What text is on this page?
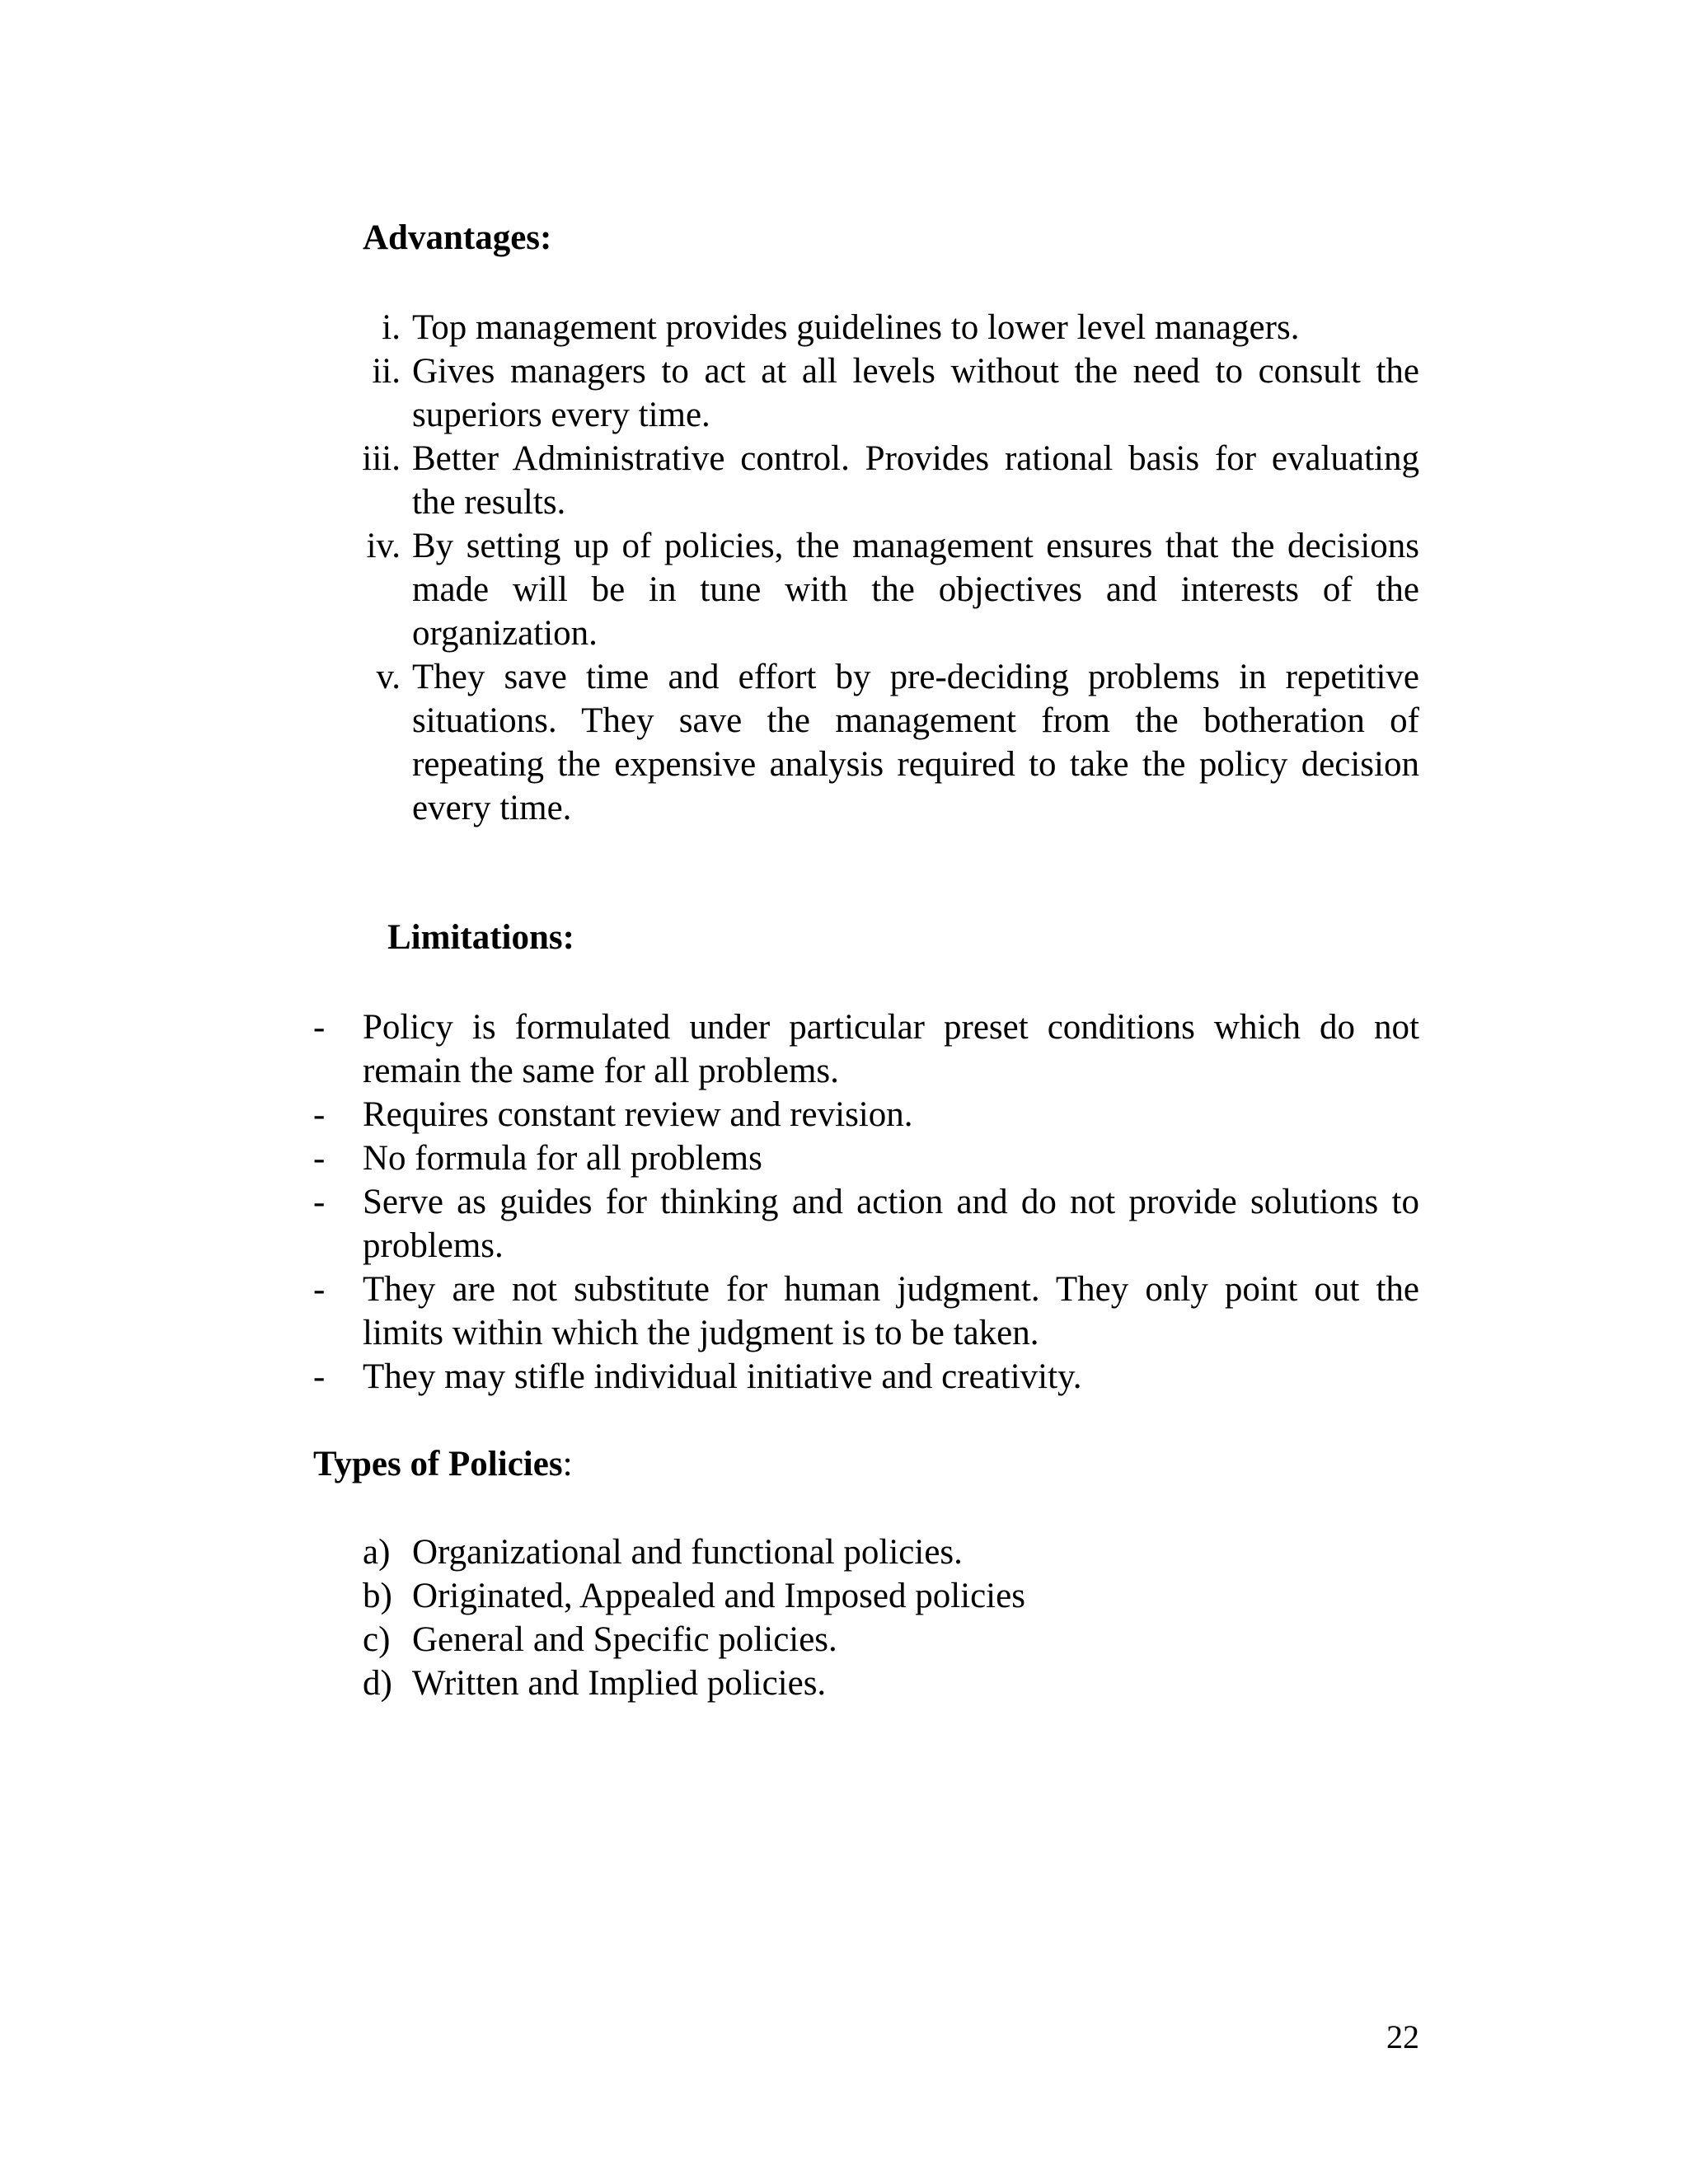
Advantages:
i. Top management provides guidelines to lower level managers.
ii. Gives managers to act at all levels without the need to consult the superiors every time.
iii. Better Administrative control. Provides rational basis for evaluating the results.
iv. By setting up of policies, the management ensures that the decisions made will be in tune with the objectives and interests of the organization.
v. They save time and effort by pre-deciding problems in repetitive situations. They save the management from the botheration of repeating the expensive analysis required to take the policy decision every time.
Limitations:
- Policy is formulated under particular preset conditions which do not remain the same for all problems.
- Requires constant review and revision.
- No formula for all problems
- Serve as guides for thinking and action and do not provide solutions to problems.
- They are not substitute for human judgment. They only point out the limits within which the judgment is to be taken.
- They may stifle individual initiative and creativity.
Types of Policies:
a) Organizational and functional policies.
b) Originated, Appealed and Imposed policies
c) General and Specific policies.
d) Written and Implied policies.
22
